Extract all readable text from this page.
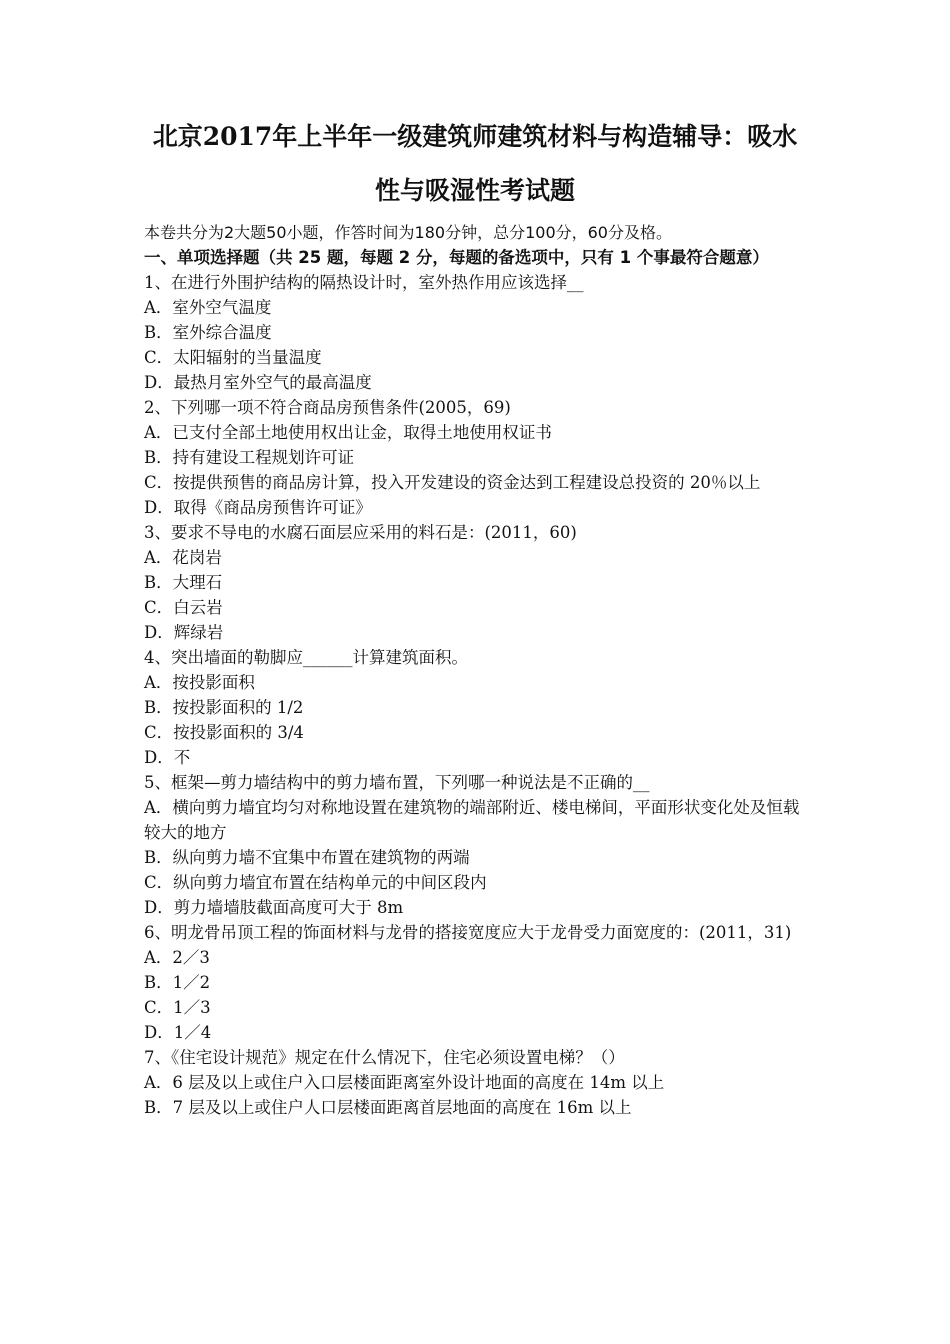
北京2017年上半年一级建筑师建筑材料与构造辅导：吸水
性与吸湿性考试题

本卷共分为2大题50小题，作答时间为180分钟，总分100分，60分及格。

一、单项选择题（共 25 题，每题 2 分，每题的备选项中，只有 1 个事最符合题意）

1、在进行外围护结构的隔热设计时，室外热作用应该选择__

A．室外空气温度

B．室外综合温度

C．太阳辐射的当量温度

D．最热月室外空气的最高温度

2、下列哪一项不符合商品房预售条件(2005，69)

A．已支付全部土地使用权出让金，取得土地使用权证书

B．持有建设工程规划许可证

C．按提供预售的商品房计算，投入开发建设的资金达到工程建设总投资的 20％以上

D．取得《商品房预售许可证》

3、要求不导电的水腐石面层应采用的料石是：(2011，60)

A．花岗岩

B．大理石

C．白云岩

D．辉绿岩

4、突出墙面的勒脚应______计算建筑面积。

A．按投影面积

B．按投影面积的 1/2

C．按投影面积的 3/4

D．不

5、框架—剪力墙结构中的剪力墙布置，下列哪一种说法是不正确的__

A．横向剪力墙宜均匀对称地设置在建筑物的端部附近、楼电梯间，平面形状变化处及恒载较大的地方

B．纵向剪力墙不宜集中布置在建筑物的两端

C．纵向剪力墙宜布置在结构单元的中间区段内

D．剪力墙墙肢截面高度可大于 8m

6、明龙骨吊顶工程的饰面材料与龙骨的搭接宽度应大于龙骨受力面宽度的：(2011，31)

A．2／3

B．1／2

C．1／3

D．1／4

7、《住宅设计规范》规定在什么情况下，住宅必须设置电梯？（）

A．6 层及以上或住户入口层楼面距离室外设计地面的高度在 14m 以上

B．7 层及以上或住户人口层楼面距离首层地面的高度在 16m 以上
